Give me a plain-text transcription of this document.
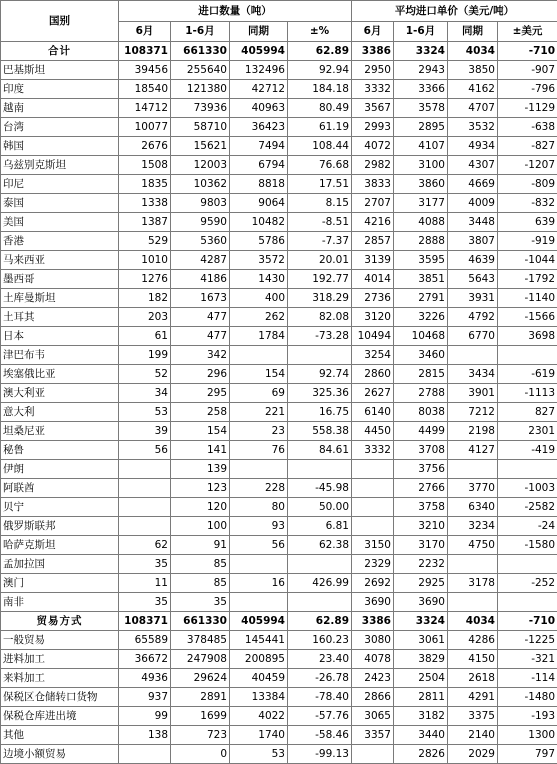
国别	进口数量（吨）				平均进口单价（美元/吨）			
	6月	1-6月	同期	±%	6月	1-6月	同期	±美元
合计	108371	661330	405994	62.89	3386	3324	4034	-710
巴基斯坦	39456	255640	132496	92.94	2950	2943	3850	-907
印度	18540	121380	42712	184.18	3332	3366	4162	-796
越南	14712	73936	40963	80.49	3567	3578	4707	-1129
台湾	10077	58710	36423	61.19	2993	2895	3532	-638
韩国	2676	15621	7494	108.44	4072	4107	4934	-827
乌兹别克斯坦	1508	12003	6794	76.68	2982	3100	4307	-1207
印尼	1835	10362	8818	17.51	3833	3860	4669	-809
泰国	1338	9803	9064	8.15	2707	3177	4009	-832
美国	1387	9590	10482	-8.51	4216	4088	3448	639
香港	529	5360	5786	-7.37	2857	2888	3807	-919
马来西亚	1010	4287	3572	20.01	3139	3595	4639	-1044
墨西哥	1276	4186	1430	192.77	4014	3851	5643	-1792
土库曼斯坦	182	1673	400	318.29	2736	2791	3931	-1140
土耳其	203	477	262	82.08	3120	3226	4792	-1566
日本	61	477	1784	-73.28	10494	10468	6770	3698
津巴布韦	199	342			3254	3460		
埃塞俄比亚	52	296	154	92.74	2860	2815	3434	-619
澳大利亚	34	295	69	325.36	2627	2788	3901	-1113
意大利	53	258	221	16.75	6140	8038	7212	827
坦桑尼亚	39	154	23	558.38	4450	4499	2198	2301
秘鲁	56	141	76	84.61	3332	3708	4127	-419
伊朗		139				3756		
阿联酋		123	228	-45.98		2766	3770	-1003
贝宁		120	80	50.00		3758	6340	-2582
俄罗斯联邦		100	93	6.81		3210	3234	-24
哈萨克斯坦	62	91	56	62.38	3150	3170	4750	-1580
孟加拉国	35	85			2329	2232		
澳门	11	85	16	426.99	2692	2925	3178	-252
南非	35	35			3690	3690		
贸易方式	108371	661330	405994	62.89	3386	3324	4034	-710
一般贸易	65589	378485	145441	160.23	3080	3061	4286	-1225
进料加工	36672	247908	200895	23.40	4078	3829	4150	-321
来料加工	4936	29624	40459	-26.78	2423	2504	2618	-114
保税区仓储转口货物	937	2891	13384	-78.40	2866	2811	4291	-1480
保税仓库进出境	99	1699	4022	-57.76	3065	3182	3375	-193
其他	138	723	1740	-58.46	3357	3440	2140	1300
边境小额贸易		0	53	-99.13		2826	2029	797
